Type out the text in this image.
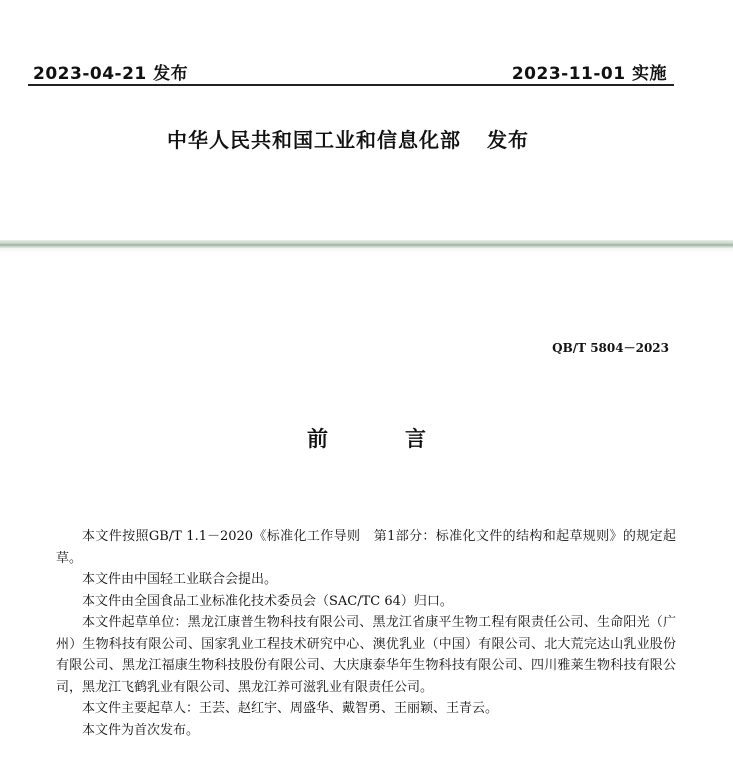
2023-04-21 发布	2023-11-01 实施
中华人民共和国工业和信息化部 发布
QB/T 5804－2023
前　言

本文件按照GB/T 1.1－2020《标准化工作导则　第1部分：标准化文件的结构和起草规则》的规定起草。

本文件由中国轻工业联合会提出。

本文件由全国食品工业标准化技术委员会（SAC/TC 64）归口。

本文件起草单位：黑龙江康普生物科技有限公司、黑龙江省康平生物工程有限责任公司、生命阳光（广州）生物科技有限公司、国家乳业工程技术研究中心、澳优乳业（中国）有限公司、北大荒完达山乳业股份有限公司、黑龙江福康生物科技股份有限公司、大庆康泰华年生物科技有限公司、四川雅莱生物科技有限公司，黑龙江飞鹤乳业有限公司、黑龙江养可滋乳业有限责任公司。

本文件主要起草人：王芸、赵红宇、周盛华、戴智勇、王丽颖、王青云。

本文件为首次发布。
